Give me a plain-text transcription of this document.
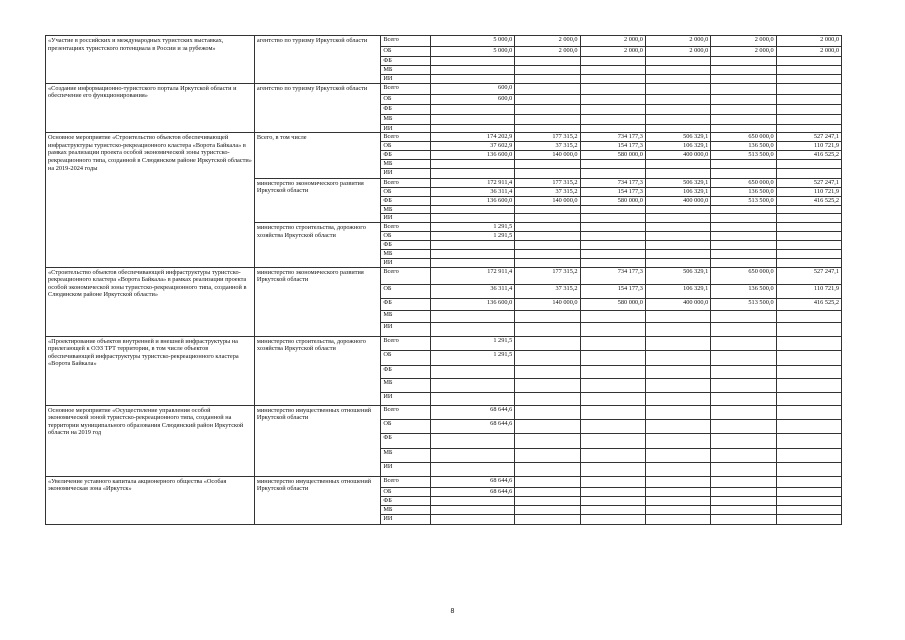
«Участие в российских и международных туристских выставках, презентациях туристского потенциала в России и за рубежом»	агентство по туризму Иркутской области	Всего	5 000,0	2 000,0	2 000,0	2 000,0	2 000,0	2 000,0
		ОБ	5 000,0	2 000,0	2 000,0	2 000,0	2 000,0	2 000,0
		ФБ						
		МБ						
		ИИ						
«Создание информационно-туристского портала Иркутской области и обеспечение его функционирования»	агентство по туризму Иркутской области	Всего	600,0					
		ОБ	600,0					
		ФБ						
		МБ						
		ИИ						
Основное мероприятие «Строительство объектов обеспечивающей инфраструктуры туристско-рекреационного кластера «Ворота Байкала» в рамках реализации проекта особой экономической зоны туристско-рекреационного типа, созданной в Слюдянском районе Иркутской области» на 2019-2024 годы	Всего, в том числе	Всего	174 202,9	177 315,2	734 177,3	506 329,1	650 000,0	527 247,1
		ОБ	37 602,9	37 315,2	154 177,3	106 329,1	136 500,0	110 721,9
		ФБ	136 600,0	140 000,0	580 000,0	400 000,0	513 500,0	416 525,2
		МБ						
		ИИ						
	министерство экономического развития Иркутской области	Всего	172 911,4	177 315,2	734 177,3	506 329,1	650 000,0	527 247,1
		ОБ	36 311,4	37 315,2	154 177,3	106 329,1	136 500,0	110 721,9
		ФБ	136 600,0	140 000,0	580 000,0	400 000,0	513 500,0	416 525,2
		МБ						
		ИИ						
	министерство строительства, дорожного хозяйства Иркутской области	Всего	1 291,5					
		ОБ	1 291,5					
		ФБ						
		МБ						
		ИИ						
«Строительство объектов обеспечивающей инфраструктуры туристско-рекреационного кластера «Ворота Байкала» в рамках реализации проекта особой экономической зоны туристско-рекреационного типа, созданной в Слюдянском районе Иркутской области»	министерство экономического развития Иркутской области	Всего	172 911,4	177 315,2	734 177,3	506 329,1	650 000,0	527 247,1
		ОБ	36 311,4	37 315,2	154 177,3	106 329,1	136 500,0	110 721,9
		ФБ	136 600,0	140 000,0	580 000,0	400 000,0	513 500,0	416 525,2
		МБ						
		ИИ						
«Проектирование объектов внутренней и внешней инфраструктуры на прилегающей к ОЭЗ ТРТ территории, в том числе объектов обеспечивающей инфраструктуры туристско-рекреационного кластера «Ворота Байкала»	министерство строительства, дорожного хозяйства Иркутской области	Всего	1 291,5					
		ОБ	1 291,5					
		ФБ						
		МБ						
		ИИ						
Основное мероприятие «Осуществление управления особой экономической зоной туристско-рекреационного типа, созданной на территории муниципального образования Слюдянский район Иркутской области на 2019 год	министерство имущественных отношений Иркутской области	Всего	68 644,6					
		ОБ	68 644,6					
		ФБ						
		МБ						
		ИИ						
«Увеличение уставного капитала акционерного общества «Особая экономическая зона «Иркутск»	министерство имущественных отношений Иркутской области	Всего	68 644,6					
		ОБ	68 644,6					
		ФБ						
		МБ						
		ИИ						
8
